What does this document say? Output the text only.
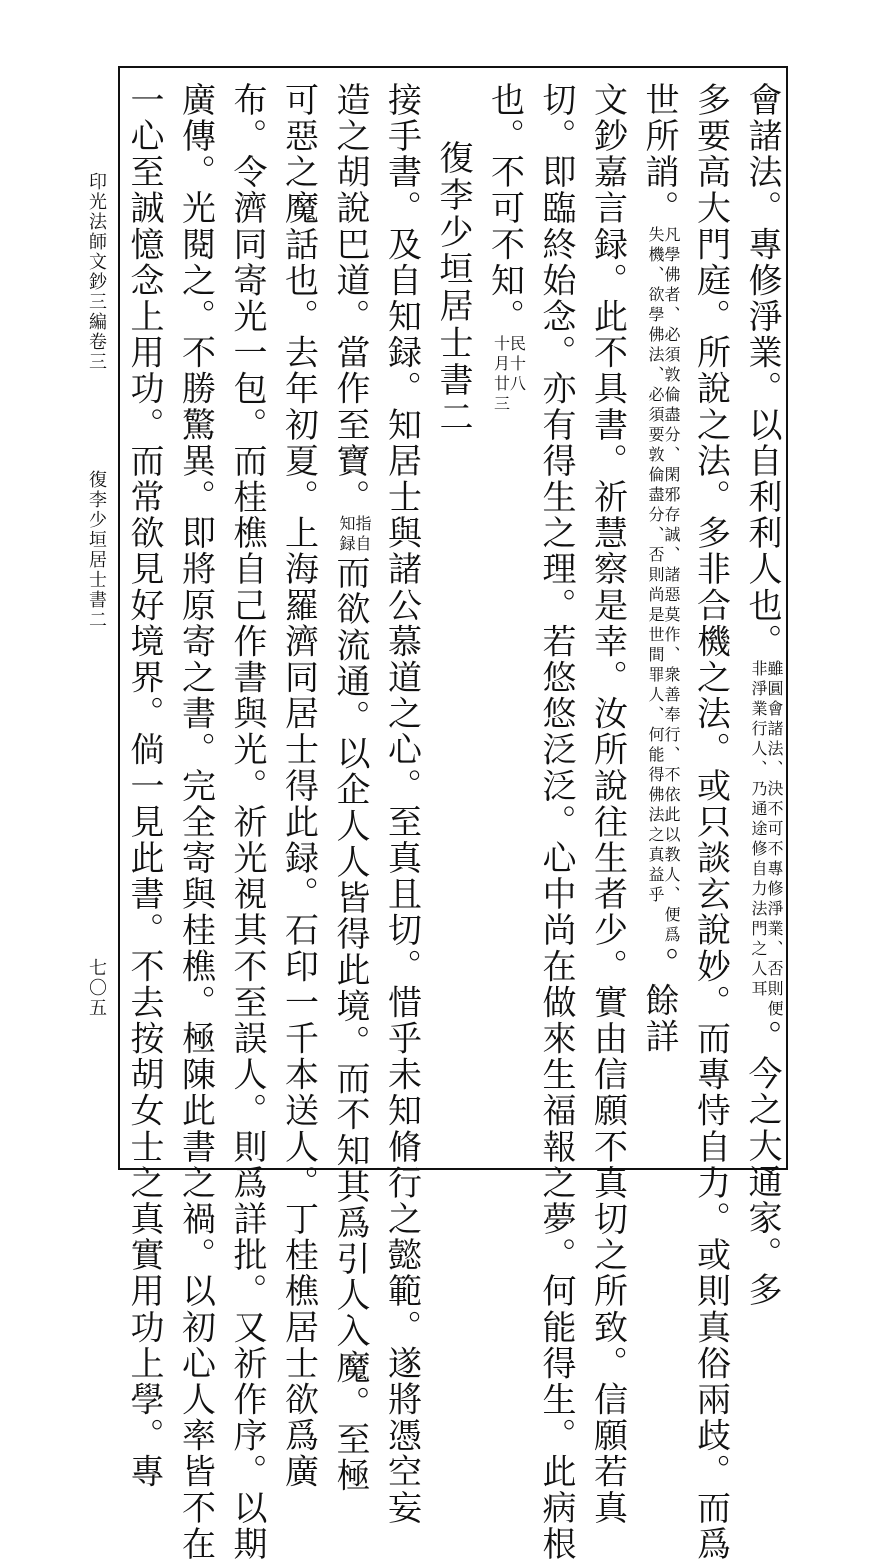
印光法師文鈔三編卷三
復李少垣居士書二
七〇五
會諸法。專修淨業。以自利利人也。
雖圓會諸法、決不可不專修淨業、否則便
非淨業行人、乃通途修自力法門之人耳
。今之大通家。多
多要高大門庭。所說之法。多非合機之法。或只談玄說妙。而專恃自力。或則真俗兩歧。而爲
世所誚。
凡學佛者、必須敦倫盡分、閑邪存誠、諸惡莫作、衆善奉行、不依此以教人、便爲
失機、欲學佛法、必須要敦倫盡分、否則尚是世間罪人、何能得佛法之真益乎
。餘詳
文鈔嘉言録。此不具書。祈慧察是幸。汝所說往生者少。實由信願不真切之所致。信願若真
切。即臨終始念。亦有得生之理。若悠悠泛泛。心中尚在做來生福報之夢。何能得生。此病根
也。不可不知。
民十八
十月廿三
復李少垣居士書二
接手書。及自知録。知居士與諸公慕道之心。至真且切。惜乎未知脩行之懿範。遂將憑空妄
造之胡說巴道。當作至寶。
指自
知録
而欲流通。以企人人皆得此境。而不知其爲引人入魔。至極
可惡之魔話也。去年初夏。上海羅濟同居士得此録。石印一千本送人。丁桂樵居士欲爲廣
布。令濟同寄光一包。而桂樵自己作書與光。祈光視其不至誤人。則爲詳批。又祈作序。以期
廣傳。光閱之。不勝驚異。即將原寄之書。完全寄與桂樵。極陳此書之禍。以初心人率皆不在
一心至誠憶念上用功。而常欲見好境界。倘一見此書。不去按胡女士之真實用功上學。專
